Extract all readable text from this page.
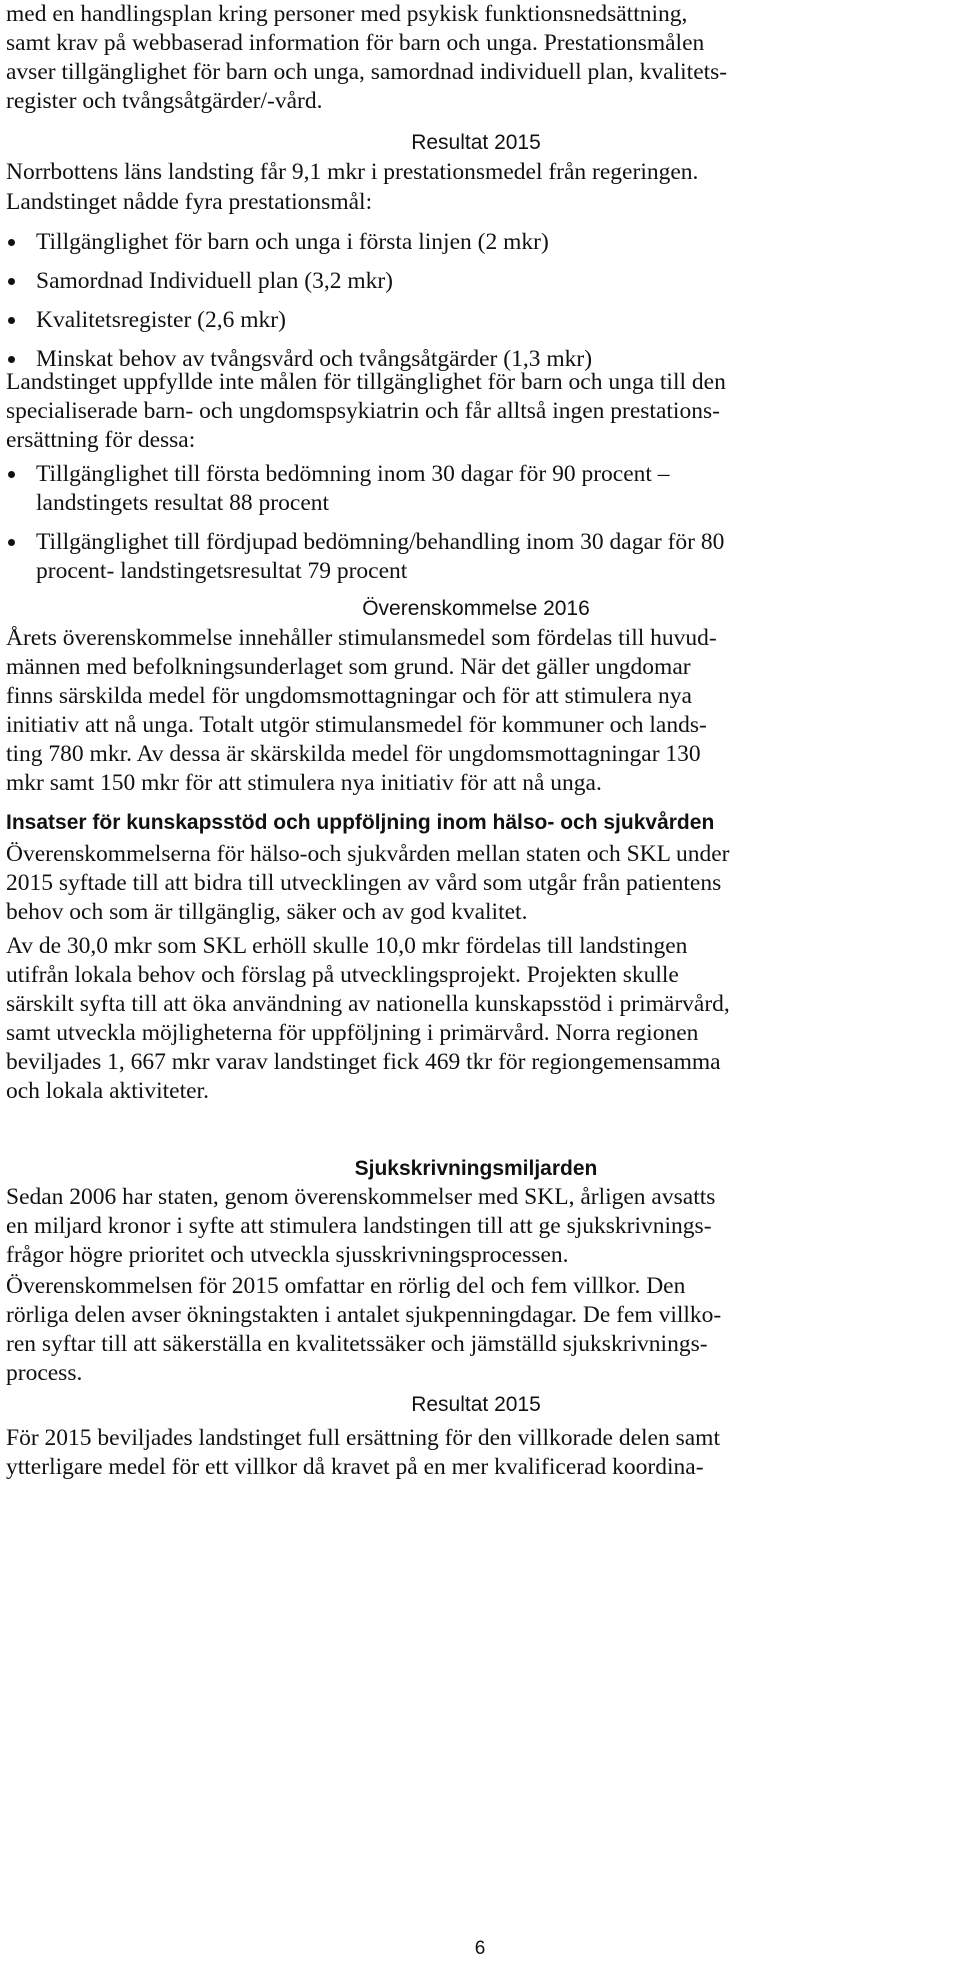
med en handlingsplan kring personer med psykisk funktionsnedsättning,
samt krav på webbaserad information för barn och unga. Prestationsmålen
avser tillgänglighet för barn och unga, samordnad individuell plan, kvalitets-
register och tvångsåtgärder/-vård.
Resultat 2015
Norrbottens läns landsting får 9,1 mkr i prestationsmedel från regeringen.
Landstinget nådde fyra prestationsmål:
Tillgänglighet för barn och unga i första linjen (2 mkr)
Samordnad Individuell plan (3,2 mkr)
Kvalitetsregister (2,6 mkr)
Minskat behov av tvångsvård och tvångsåtgärder (1,3 mkr)
Landstinget uppfyllde inte målen för tillgänglighet för barn och unga till den
specialiserade barn- och ungdomspsykiatrin och får alltså ingen prestations-
ersättning för dessa:
Tillgänglighet till första bedömning inom 30 dagar för 90 procent –
landstingets resultat 88 procent
Tillgänglighet till fördjupad bedömning/behandling inom 30 dagar för 80
procent- landstingetsresultat 79 procent
Överenskommelse 2016
Årets överenskommelse innehåller stimulansmedel som fördelas till huvud-
männen med befolkningsunderlaget som grund. När det gäller ungdomar
finns särskilda medel för ungdomsmottagningar och för att stimulera nya
initiativ att nå unga. Totalt utgör stimulansmedel för kommuner och lands-
ting 780 mkr. Av dessa är skärskilda medel för ungdomsmottagningar 130
mkr samt 150 mkr för att stimulera nya initiativ för att nå unga.
Insatser för kunskapsstöd och uppföljning inom hälso- och sjukvården
Överenskommelserna för hälso-och sjukvården mellan staten och SKL under
2015 syftade till att bidra till utvecklingen av vård som utgår från patientens
behov och som är tillgänglig, säker och av god kvalitet.
Av de 30,0 mkr som SKL erhöll skulle 10,0 mkr fördelas till landstingen
utifrån lokala behov och förslag på utvecklingsprojekt. Projekten skulle
särskilt syfta till att öka användning av nationella kunskapsstöd i primärvård,
samt utveckla möjligheterna för uppföljning i primärvård. Norra regionen
beviljades 1, 667 mkr varav landstinget fick 469 tkr för regiongemensamma
och lokala aktiviteter.
Sjukskrivningsmiljarden
Sedan 2006 har staten, genom överenskommelser med SKL, årligen avsatts
en miljard kronor i syfte att stimulera landstingen till att ge sjukskrivnings-
frågor högre prioritet och utveckla sjusskrivningsprocessen.
Överenskommelsen för 2015 omfattar en rörlig del och fem villkor. Den
rörliga delen avser ökningstakten i antalet sjukpenningdagar. De fem villko-
ren syftar till att säkerställa en kvalitetssäker och jämställd sjukskrivnings-
process.
Resultat 2015
För 2015 beviljades landstinget full ersättning för den villkorade delen samt
ytterligare medel för ett villkor då kravet på en mer kvalificerad koordina-
6
